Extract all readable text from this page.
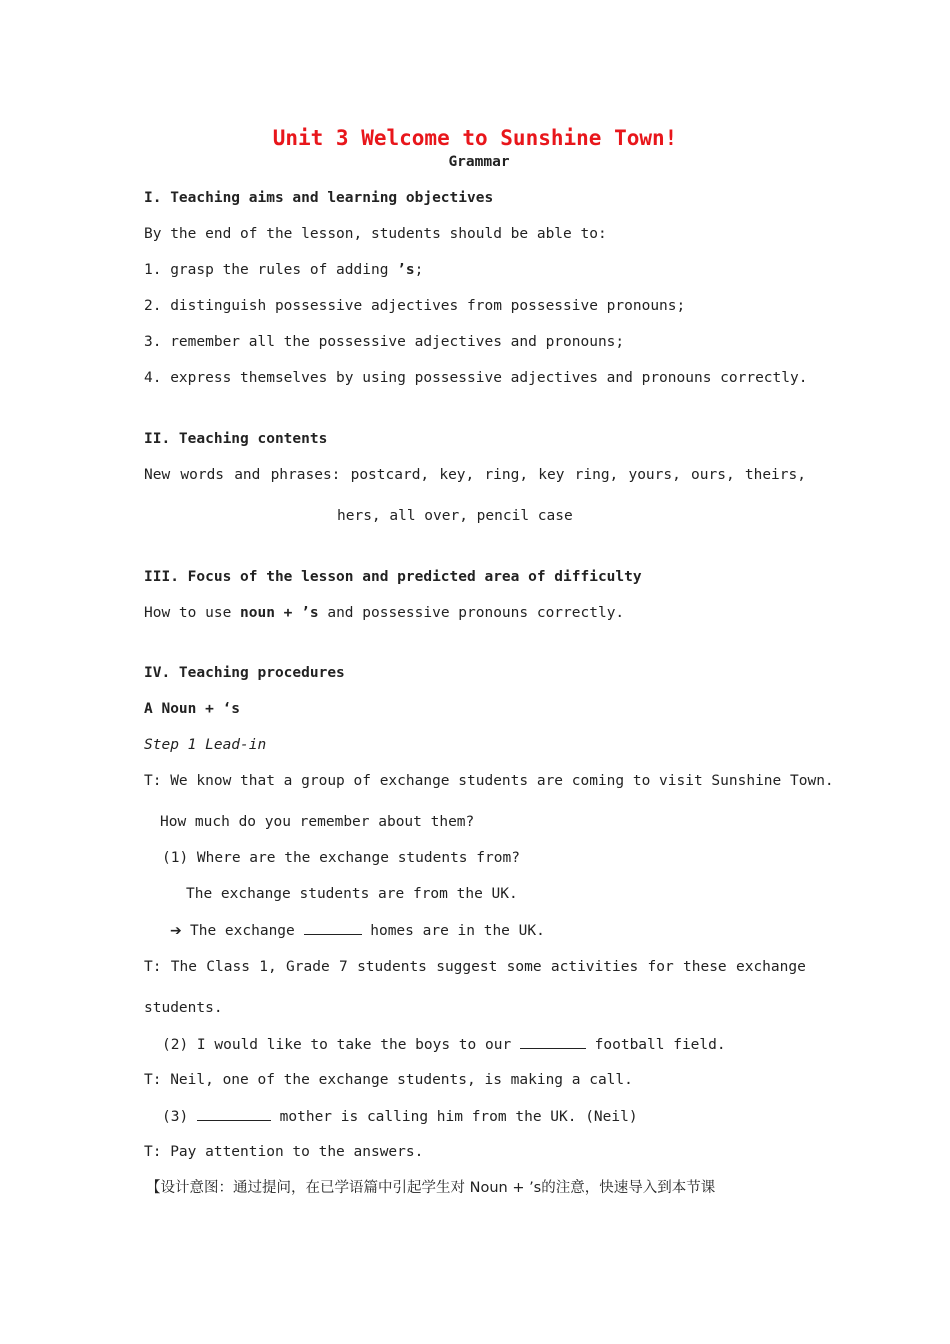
Unit 3 Welcome to Sunshine Town!
Grammar
I. Teaching aims and learning objectives
By the end of the lesson, students should be able to:
1. grasp the rules of adding ’s;
2. distinguish possessive adjectives from possessive pronouns;
3. remember all the possessive adjectives and pronouns;
4. express themselves by using possessive adjectives and pronouns correctly.
II. Teaching contents
New words and phrases: postcard, key, ring, key ring, yours, ours, theirs,
hers, all over, pencil case
III. Focus of the lesson and predicted area of difficulty
How to use noun + ’s and possessive pronouns correctly.
IV. Teaching procedures
A Noun + ‘s
Step 1 Lead-in
T: We know that a group of exchange students are coming to visit Sunshine Town.
How much do you remember about them?
(1) Where are the exchange students from?
The exchange students are from the UK.
➔ The exchange	homes are in the UK.
T: The Class 1, Grade 7 students suggest some activities for these exchange
students.
(2) I would like to take the boys to our	football field.
T: Neil, one of the exchange students, is making a call.
(3)	mother is calling him from the UK. (Neil)
T: Pay attention to the answers.
【设计意图：通过提问，在已学语篇中引起学生对 Noun + ’s的注意，快速导入到本节课
